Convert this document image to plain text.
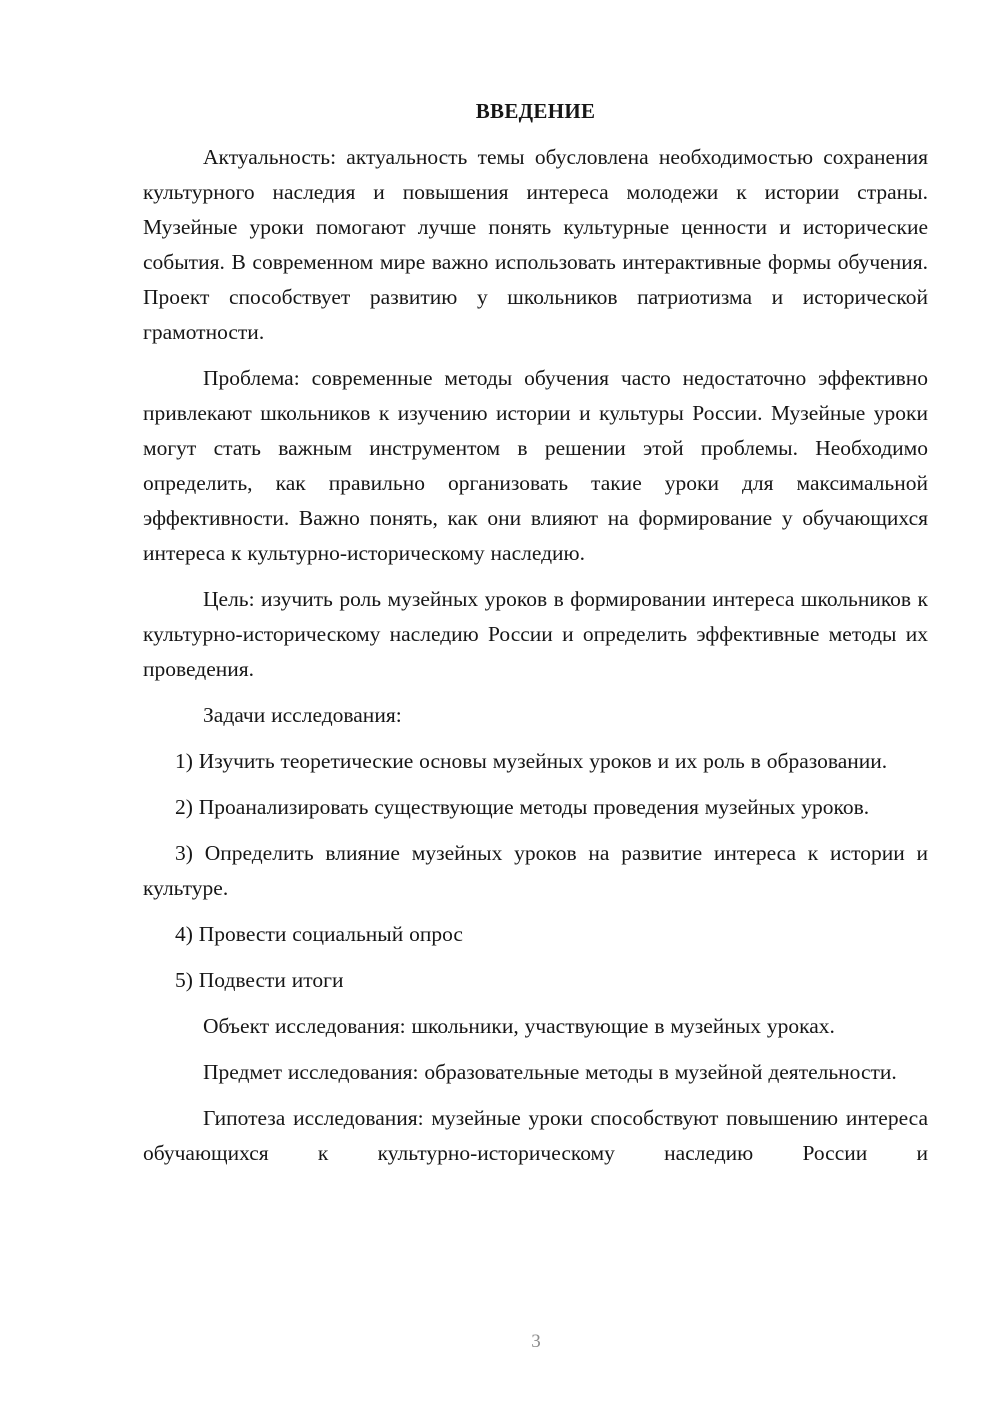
ВВЕДЕНИЕ

Актуальность: актуальность темы обусловлена необходимостью сохранения культурного наследия и повышения интереса молодежи к истории страны. Музейные уроки помогают лучше понять культурные ценности и исторические события. В современном мире важно использовать интерактивные формы обучения. Проект способствует развитию у школьников патриотизма и исторической грамотности.

Проблема: современные методы обучения часто недостаточно эффективно привлекают школьников к изучению истории и культуры России. Музейные уроки могут стать важным инструментом в решении этой проблемы. Необходимо определить, как правильно организовать такие уроки для максимальной эффективности. Важно понять, как они влияют на формирование у обучающихся интереса к культурно-историческому наследию.

Цель: изучить роль музейных уроков в формировании интереса школьников к культурно-историческому наследию России и определить эффективные методы их проведения.

Задачи исследования:

1) Изучить теоретические основы музейных уроков и их роль в образовании.

2) Проанализировать существующие методы проведения музейных уроков.

3) Определить влияние музейных уроков на развитие интереса к истории и культуре.

4) Провести социальный опрос

5) Подвести итоги

Объект исследования: школьники, участвующие в музейных уроках.

Предмет исследования: образовательные методы в музейной деятельности.

Гипотеза исследования: музейные уроки способствуют повышению интереса обучающихся к культурно-историческому наследию России и

3
